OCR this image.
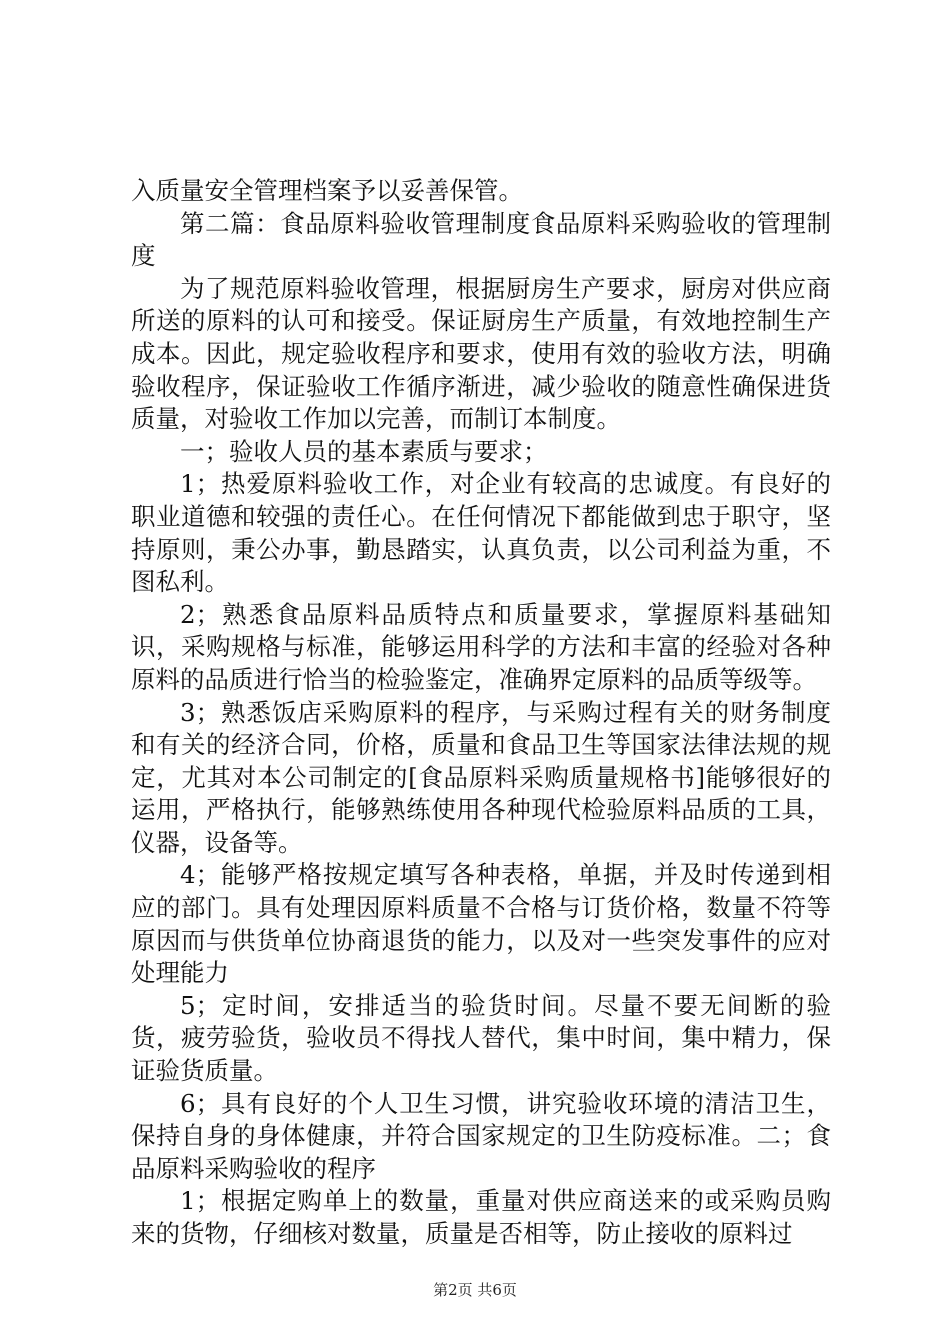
入质量安全管理档案予以妥善保管。

第二篇：食品原料验收管理制度食品原料采购验收的管理制度

为了规范原料验收管理，根据厨房生产要求，厨房对供应商所送的原料的认可和接受。保证厨房生产质量，有效地控制生产成本。因此，规定验收程序和要求，使用有效的验收方法，明确验收程序，保证验收工作循序渐进，减少验收的随意性确保进货质量，对验收工作加以完善，而制订本制度。

一；验收人员的基本素质与要求；

1；热爱原料验收工作，对企业有较高的忠诚度。有良好的职业道德和较强的责任心。在任何情况下都能做到忠于职守，坚持原则，秉公办事，勤恳踏实，认真负责，以公司利益为重，不图私利。

2；熟悉食品原料品质特点和质量要求，掌握原料基础知识，采购规格与标准，能够运用科学的方法和丰富的经验对各种原料的品质进行恰当的检验鉴定，准确界定原料的品质等级等。

3；熟悉饭店采购原料的程序，与采购过程有关的财务制度和有关的经济合同，价格，质量和食品卫生等国家法律法规的规定，尤其对本公司制定的[食品原料采购质量规格书]能够很好的运用，严格执行，能够熟练使用各种现代检验原料品质的工具，仪器，设备等。

4；能够严格按规定填写各种表格，单据，并及时传递到相应的部门。具有处理因原料质量不合格与订货价格，数量不符等原因而与供货单位协商退货的能力，以及对一些突发事件的应对处理能力

5；定时间，安排适当的验货时间。尽量不要无间断的验货，疲劳验货，验收员不得找人替代，集中时间，集中精力，保证验货质量。

6；具有良好的个人卫生习惯，讲究验收环境的清洁卫生，保持自身的身体健康，并符合国家规定的卫生防疫标准。二；食品原料采购验收的程序

1；根据定购单上的数量，重量对供应商送来的或采购员购来的货物，仔细核对数量，质量是否相等，防止接收的原料过

第2页 共6页
